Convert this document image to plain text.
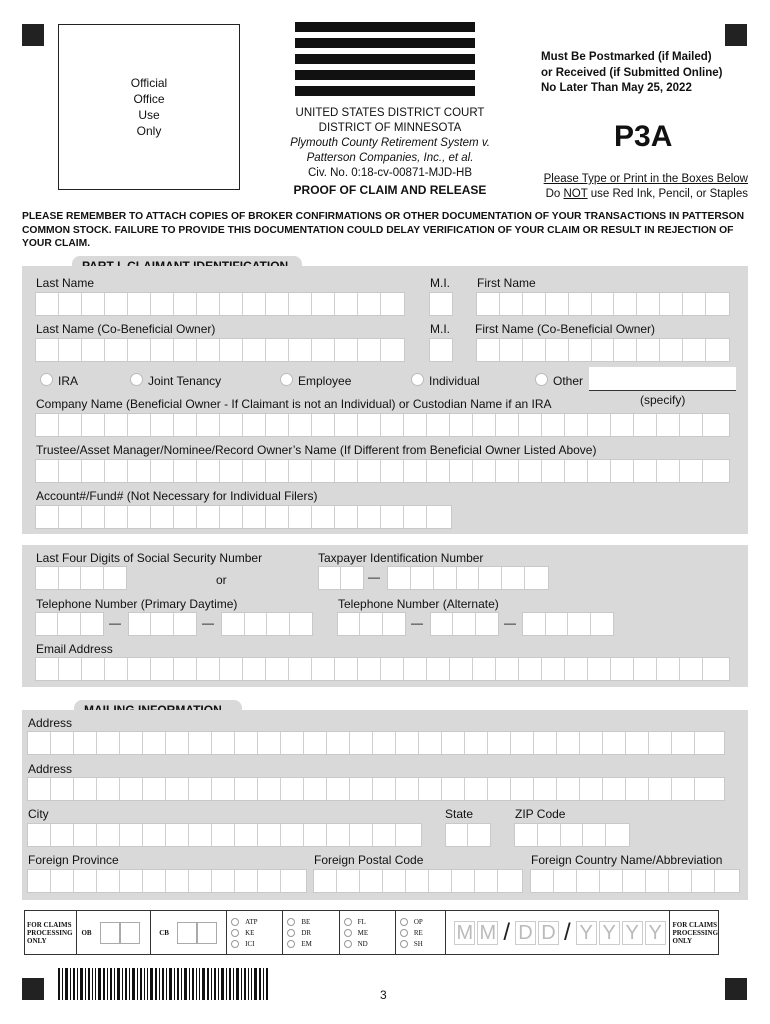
Official
Office
Use
Only
UNITED STATES DISTRICT COURT
DISTRICT OF MINNESOTA
Plymouth County Retirement System v.
Patterson Companies, Inc., et al.
Civ. No. 0:18-cv-00871-MJD-HB
PROOF OF CLAIM AND RELEASE
Must Be Postmarked (if Mailed)
or Received (if Submitted Online)
No Later Than May 25, 2022
P3A
Please Type or Print in the Boxes Below
Do NOT use Red Ink, Pencil, or Staples
PLEASE REMEMBER TO ATTACH COPIES OF BROKER CONFIRMATIONS OR OTHER DOCUMENTATION OF YOUR TRANSACTIONS IN PATTERSON COMMON STOCK. FAILURE TO PROVIDE THIS DOCUMENTATION COULD DELAY VERIFICATION OF YOUR CLAIM OR RESULT IN REJECTION OF YOUR CLAIM.
Last Name	M.I. First Name
Last Name (Co-Beneficial Owner)	M.I. First Name (Co-Beneficial Owner)
IRA	Joint Tenancy	Employee	Individual	Other
(specify)
Company Name (Beneficial Owner - If Claimant is not an Individual) or Custodian Name if an IRA
Trustee/Asset Manager/Nominee/Record Owner’s Name (If Different from Beneficial Owner Listed Above)
Account#/Fund# (Not Necessary for Individual Filers)
Last Four Digits of Social Security Number	Taxpayer Identification Number
or	—
Telephone Number (Primary Daytime)	Telephone Number (Alternate)
—	—	—	—
Email Address
Address
Address
City	State	ZIP Code
Foreign Province	Foreign Postal Code	Foreign Country Name/Abbreviation
FOR CLAIMS PROCESSING ONLY
OB	CB
ATP
KE
ICI
BE
DR
EM
FL
ME
ND
OP
RE
SH M M / D D / Y Y Y Y	FOR CLAIMS PROCESSING ONLY
3
